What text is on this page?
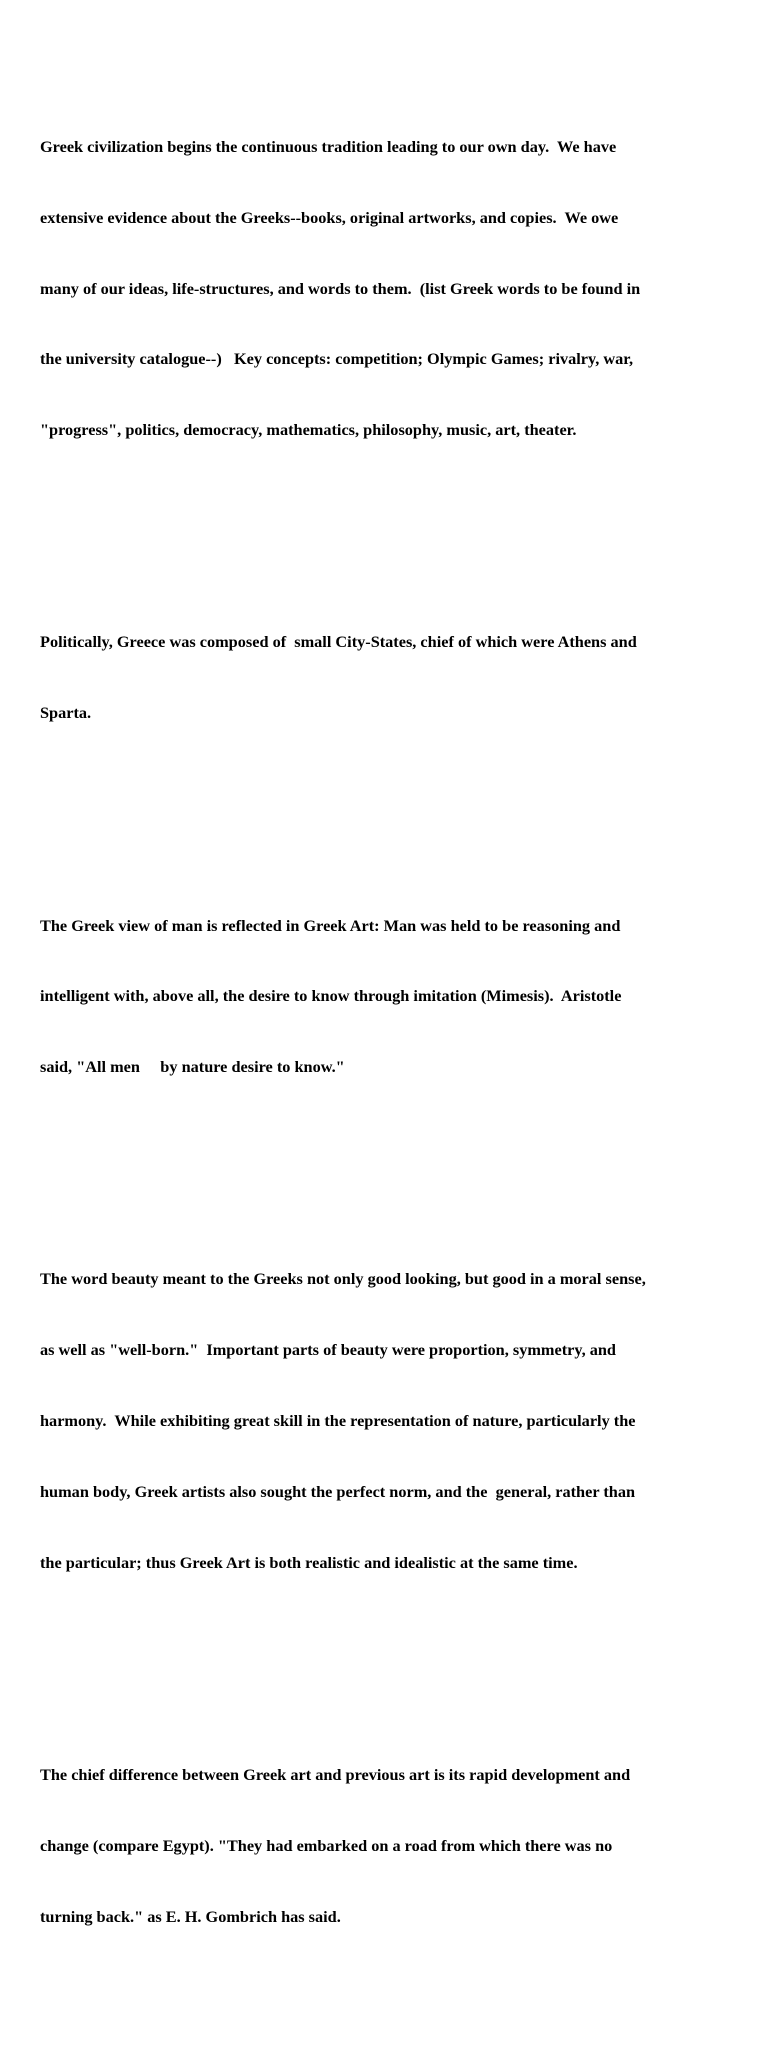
Greek civilization begins the continuous tradition leading to our own day.  We have

extensive evidence about the Greeks--books, original artworks, and copies.  We owe

many of our ideas, life-structures, and words to them.  (list Greek words to be found in

the university catalogue--)   Key concepts: competition; Olympic Games; rivalry, war,

"progress", politics, democracy, mathematics, philosophy, music, art, theater.

Politically, Greece was composed of  small City-States, chief of which were Athens and

Sparta.

The Greek view of man is reflected in Greek Art: Man was held to be reasoning and

intelligent with, above all, the desire to know through imitation (Mimesis).  Aristotle

said, "All men     by nature desire to know."

The word beauty meant to the Greeks not only good looking, but good in a moral sense,

as well as "well-born."  Important parts of beauty were proportion, symmetry, and

harmony.  While exhibiting great skill in the representation of nature, particularly the

human body, Greek artists also sought the perfect norm, and the  general, rather than

the particular; thus Greek Art is both realistic and idealistic at the same time.

The chief difference between Greek art and previous art is its rapid development and

change (compare Egypt). "They had embarked on a road from which there was no

turning back." as E. H. Gombrich has said.
